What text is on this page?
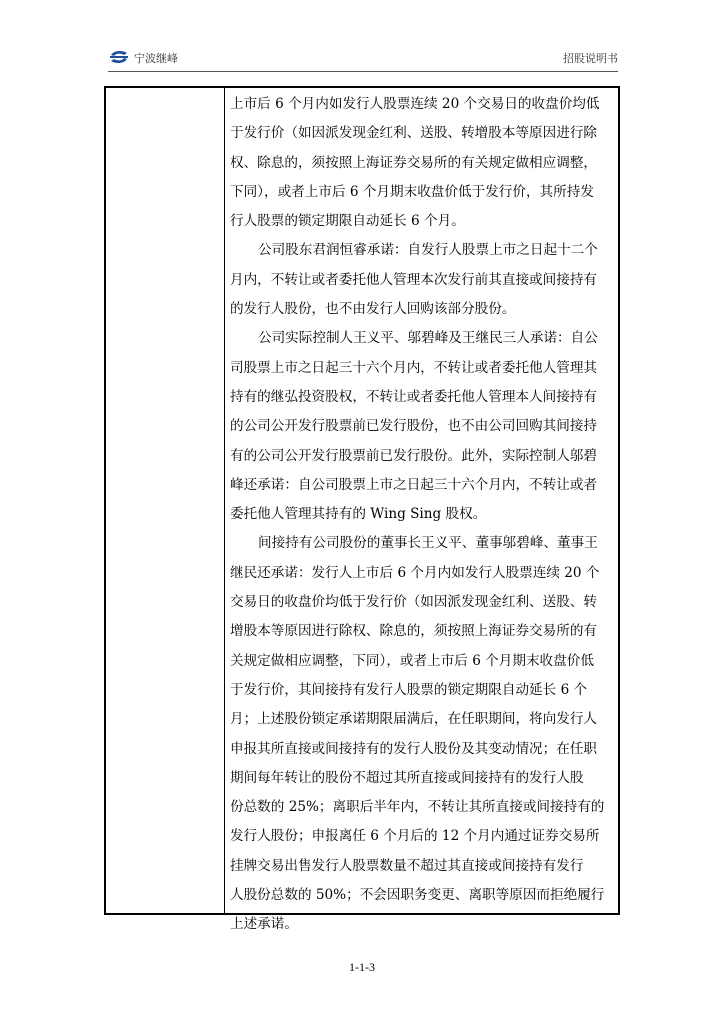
宁波继峰	招股说明书
上市后 6 个月内如发行人股票连续 20 个交易日的收盘价均低
于发行价（如因派发现金红利、送股、转增股本等原因进行除
权、除息的，须按照上海证券交易所的有关规定做相应调整，
下同），或者上市后 6 个月期末收盘价低于发行价，其所持发
行人股票的锁定期限自动延长 6 个月。
公司股东君润恒睿承诺：自发行人股票上市之日起十二个
月内，不转让或者委托他人管理本次发行前其直接或间接持有
的发行人股份，也不由发行人回购该部分股份。
公司实际控制人王义平、邬碧峰及王继民三人承诺：自公
司股票上市之日起三十六个月内，不转让或者委托他人管理其
持有的继弘投资股权，不转让或者委托他人管理本人间接持有
的公司公开发行股票前已发行股份，也不由公司回购其间接持
有的公司公开发行股票前已发行股份。此外，实际控制人邬碧
峰还承诺：自公司股票上市之日起三十六个月内，不转让或者
委托他人管理其持有的 Wing Sing 股权。
间接持有公司股份的董事长王义平、董事邬碧峰、董事王
继民还承诺：发行人上市后 6 个月内如发行人股票连续 20 个
交易日的收盘价均低于发行价（如因派发现金红利、送股、转
增股本等原因进行除权、除息的，须按照上海证券交易所的有
关规定做相应调整，下同），或者上市后 6 个月期末收盘价低
于发行价，其间接持有发行人股票的锁定期限自动延长 6 个
月；上述股份锁定承诺期限届满后，在任职期间，将向发行人
申报其所直接或间接持有的发行人股份及其变动情况；在任职
期间每年转让的股份不超过其所直接或间接持有的发行人股
份总数的 25%；离职后半年内，不转让其所直接或间接持有的
发行人股份；申报离任 6 个月后的 12 个月内通过证券交易所
挂牌交易出售发行人股票数量不超过其直接或间接持有发行
人股份总数的 50%；不会因职务变更、离职等原因而拒绝履行
上述承诺。
1-1-3
